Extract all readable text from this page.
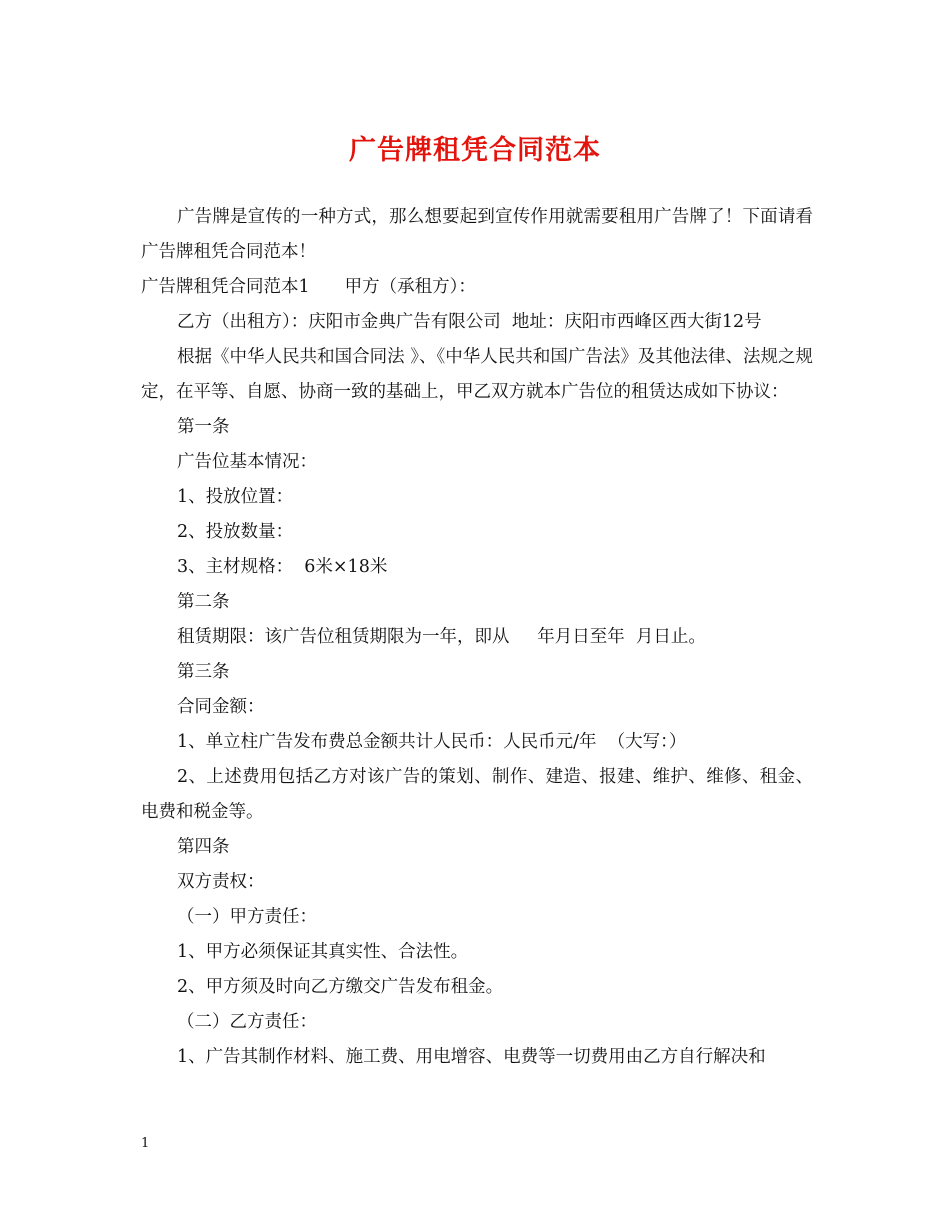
广告牌租凭合同范本

广告牌是宣传的一种方式，那么想要起到宣传作用就需要租用广告牌了！下面请看广告牌租凭合同范本！

广告牌租凭合同范本1　　甲方（承租方）：

乙方（出租方）：庆阳市金典广告有限公司  地址：庆阳市西峰区西大街12号

根据《中华人民共和国合同法 》、《中华人民共和国广告法》及其他法律、法规之规定，在平等、自愿、协商一致的基础上，甲乙双方就本广告位的租赁达成如下协议：

第一条

广告位基本情况：

1、投放位置：

2、投放数量：

3、主材规格：  6米×18米

第二条

租赁期限：该广告位租赁期限为一年，即从     年月日至年  月日止。

第三条

合同金额：

1、单立柱广告发布费总金额共计人民币：人民币元/年  （大写：）

2、上述费用包括乙方对该广告的策划、制作、建造、报建、维护、维修、租金、电费和税金等。

第四条

双方责权：

（一）甲方责任：

1、甲方必须保证其真实性、合法性。

2、甲方须及时向乙方缴交广告发布租金。

（二）乙方责任：

1、广告其制作材料、施工费、用电增容、电费等一切费用由乙方自行解决和

1
